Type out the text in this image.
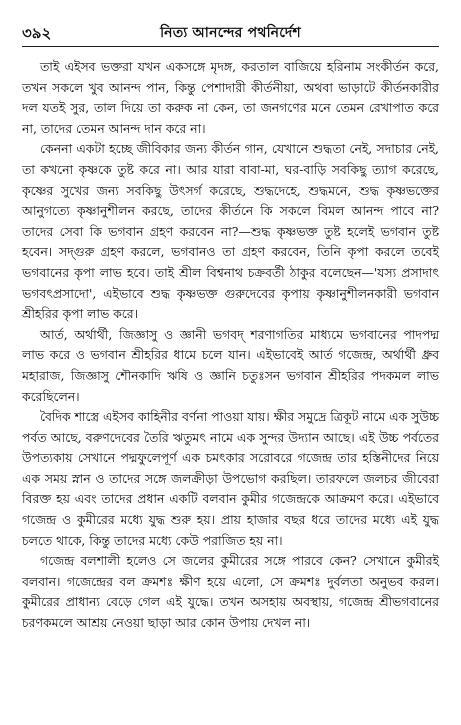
৩৯২	নিত্য আনন্দের পথনির্দেশ

তাই এইসব ভক্তরা যখন একসঙ্গে মৃদঙ্গ, করতাল বাজিয়ে হরিনাম সংকীর্তন করে, তখন সকলে খুব আনন্দ পান, কিন্তু পেশাদারী কীর্তনীয়া, অথবা ভাড়াটে কীর্তনকারীর দল যতই সুর, তাল দিয়ে তা করুক না কেন, তা জনগণের মনে তেমন রেখাপাত করে না, তাদের তেমন আনন্দ দান করে না।

কেননা একটা হচ্ছে জীবিকার জন্য কীর্তন গান, যেখানে শুদ্ধতা নেই, সদাচার নেই, তা কখনো কৃষ্ণকে তুষ্ট করে না। আর যারা বাবা-মা, ঘর-বাড়ি সবকিছু ত্যাগ করেছে, কৃষ্ণের সুখের জন্য সবকিছু উৎসর্গ করেছে, শুদ্ধদেহে, শুদ্ধমনে, শুদ্ধ কৃষ্ণভক্তের আনুগত্যে কৃষ্ণানুশীলন করছে, তাদের কীর্তনে কি সকলে বিমল আনন্দ পাবে না? তাদের সেবা কি ভগবান গ্রহণ করবেন না?—শুদ্ধ কৃষ্ণভক্ত তুষ্ট হলেই ভগবান তুষ্ট হবেন। সদ্গুরু গ্রহণ করলে, ভগবানও তা গ্রহণ করবেন, তিনি কৃপা করলে তবেই ভগবানের কৃপা লাভ হবে। তাই শ্রীল বিশ্বনাথ চক্রবর্তী ঠাকুর বলেছেন—'যস্য প্রসাদাৎ ভগবৎপ্রসাদো', এইভাবে শুদ্ধ কৃষ্ণভক্ত গুরুদেবের কৃপায় কৃষ্ণানুশীলনকারী ভগবান শ্রীহরির কৃপা লাভ করে।

আর্ত, অর্থার্থী, জিজ্ঞাসু ও জ্ঞানী ভগবদ্ শরণাগতির মাধ্যমে ভগবানের পাদপদ্ম লাভ করে ও ভগবান শ্রীহরির ধামে চলে যান। এইভাবেই আর্ত গজেন্দ্র, অর্থার্থী ধ্রুব মহারাজ, জিজ্ঞাসু শৌনকাদি ঋষি ও জ্ঞানি চতুঃসন ভগবান শ্রীহরির পদকমল লাভ করেছিলেন।

বৈদিক শাস্ত্রে এইসব কাহিনীর বর্ণনা পাওয়া যায়। ক্ষীর সমুদ্রে ত্রিকূট নামে এক সুউচ্চ পর্বত আছে, বরুণদেবের তৈরি ঋতুমৎ নামে এক সুন্দর উদ্যান আছে। এই উচ্চ পর্বতের উপত্যকায় সেখানে পদ্মফুলেপূর্ণ এক চমৎকার সরোবরে গজেন্দ্র তার হস্তিনীদের নিয়ে এক সময় স্নান ও তাদের সঙ্গে জলক্রীড়া উপভোগ করছিল। তারফলে জলচর জীবেরা বিরক্ত হয় এবং তাদের প্রধান একটি বলবান কুমীর গজেন্দ্রকে আক্রমণ করে। এইভাবে গজেন্দ্র ও কুমীরের মধ্যে যুদ্ধ শুরু হয়। প্রায় হাজার বছর ধরে তাদের মধ্যে এই যুদ্ধ চলতে থাকে, কিন্তু তাদের মধ্যে কেউ পরাজিত হয় না।

গজেন্দ্র বলশালী হলেও সে জলের কুমীরের সঙ্গে পারবে কেন? সেখানে কুমীরই বলবান। গজেন্দ্রের বল ক্রমশঃ ক্ষীণ হয়ে এলো, সে ক্রমশঃ দুর্বলতা অনুভব করল। কুমীরের প্রাধান্য বেড়ে গেল এই যুদ্ধে। তখন অসহায় অবস্থায়, গজেন্দ্র শ্রীভগবানের চরণকমলে আশ্রয় নেওয়া ছাড়া আর কোন উপায় দেখল না।
